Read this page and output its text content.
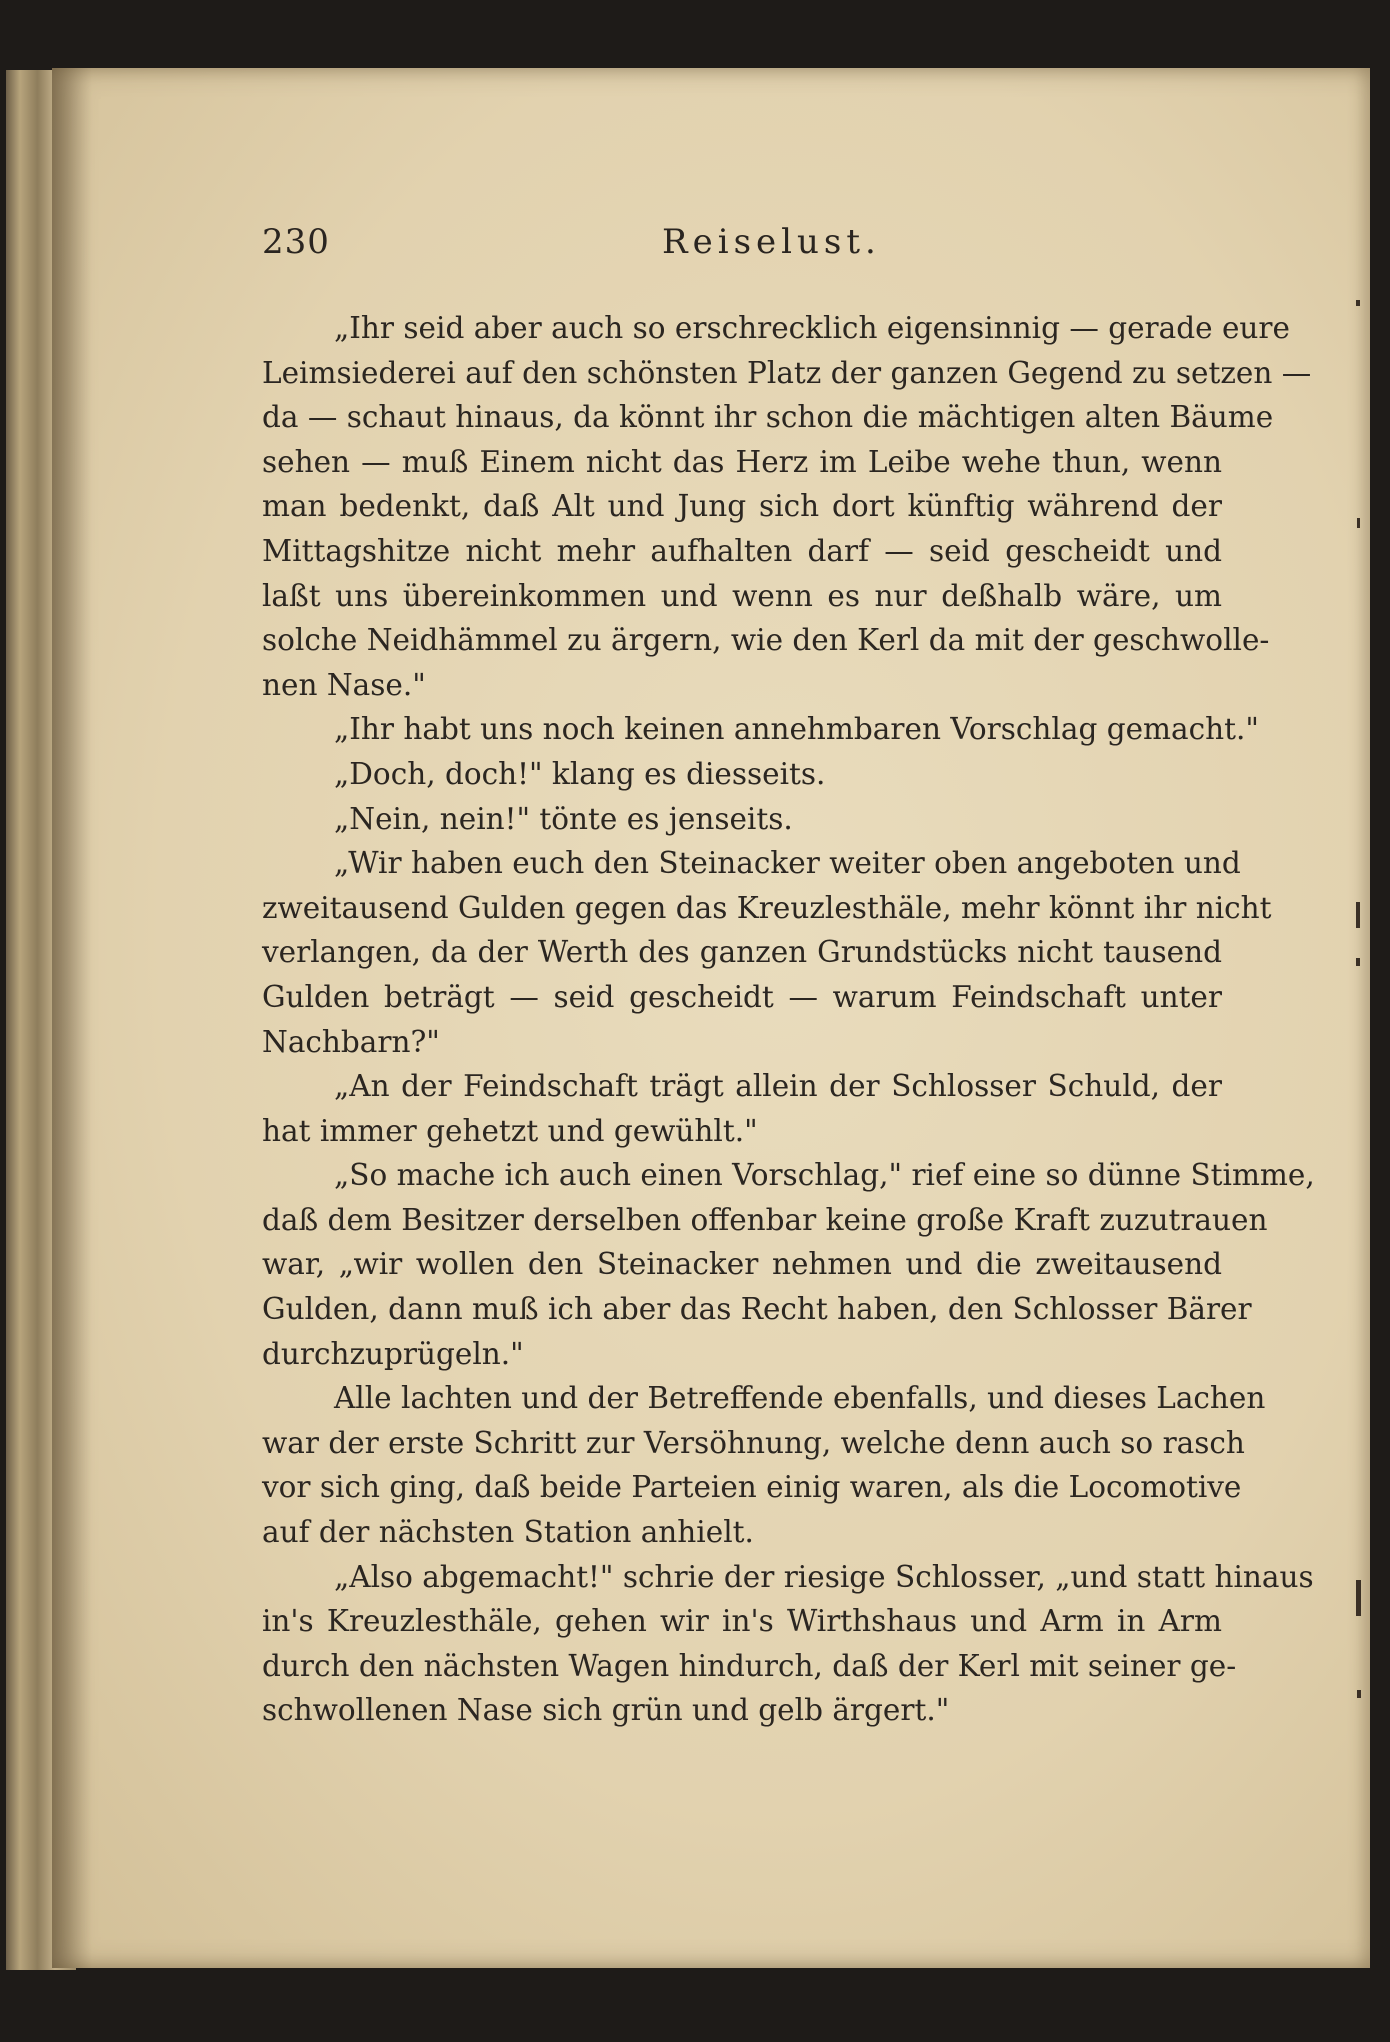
230	Reiselust.
„Ihr seid aber auch so erschrecklich eigensinnig — gerade eure
Leimsiederei auf den schönsten Platz der ganzen Gegend zu setzen —
da — schaut hinaus, da könnt ihr schon die mächtigen alten Bäume
sehen — muß Einem nicht das Herz im Leibe wehe thun, wenn
man bedenkt, daß Alt und Jung sich dort künftig während der
Mittagshitze nicht mehr aufhalten darf — seid gescheidt und
laßt uns übereinkommen und wenn es nur deßhalb wäre, um
solche Neidhämmel zu ärgern, wie den Kerl da mit der geschwolle-
nen Nase."
„Ihr habt uns noch keinen annehmbaren Vorschlag gemacht."
„Doch, doch!" klang es diesseits.
„Nein, nein!" tönte es jenseits.
„Wir haben euch den Steinacker weiter oben angeboten und
zweitausend Gulden gegen das Kreuzlesthäle, mehr könnt ihr nicht
verlangen, da der Werth des ganzen Grundstücks nicht tausend
Gulden beträgt — seid gescheidt — warum Feindschaft unter
Nachbarn?"
„An der Feindschaft trägt allein der Schlosser Schuld, der
hat immer gehetzt und gewühlt."
„So mache ich auch einen Vorschlag," rief eine so dünne Stimme,
daß dem Besitzer derselben offenbar keine große Kraft zuzutrauen
war, „wir wollen den Steinacker nehmen und die zweitausend
Gulden, dann muß ich aber das Recht haben, den Schlosser Bärer
durchzuprügeln."
Alle lachten und der Betreffende ebenfalls, und dieses Lachen
war der erste Schritt zur Versöhnung, welche denn auch so rasch
vor sich ging, daß beide Parteien einig waren, als die Locomotive
auf der nächsten Station anhielt.
„Also abgemacht!" schrie der riesige Schlosser, „und statt hinaus
in's Kreuzlesthäle, gehen wir in's Wirthshaus und Arm in Arm
durch den nächsten Wagen hindurch, daß der Kerl mit seiner ge-
schwollenen Nase sich grün und gelb ärgert."
